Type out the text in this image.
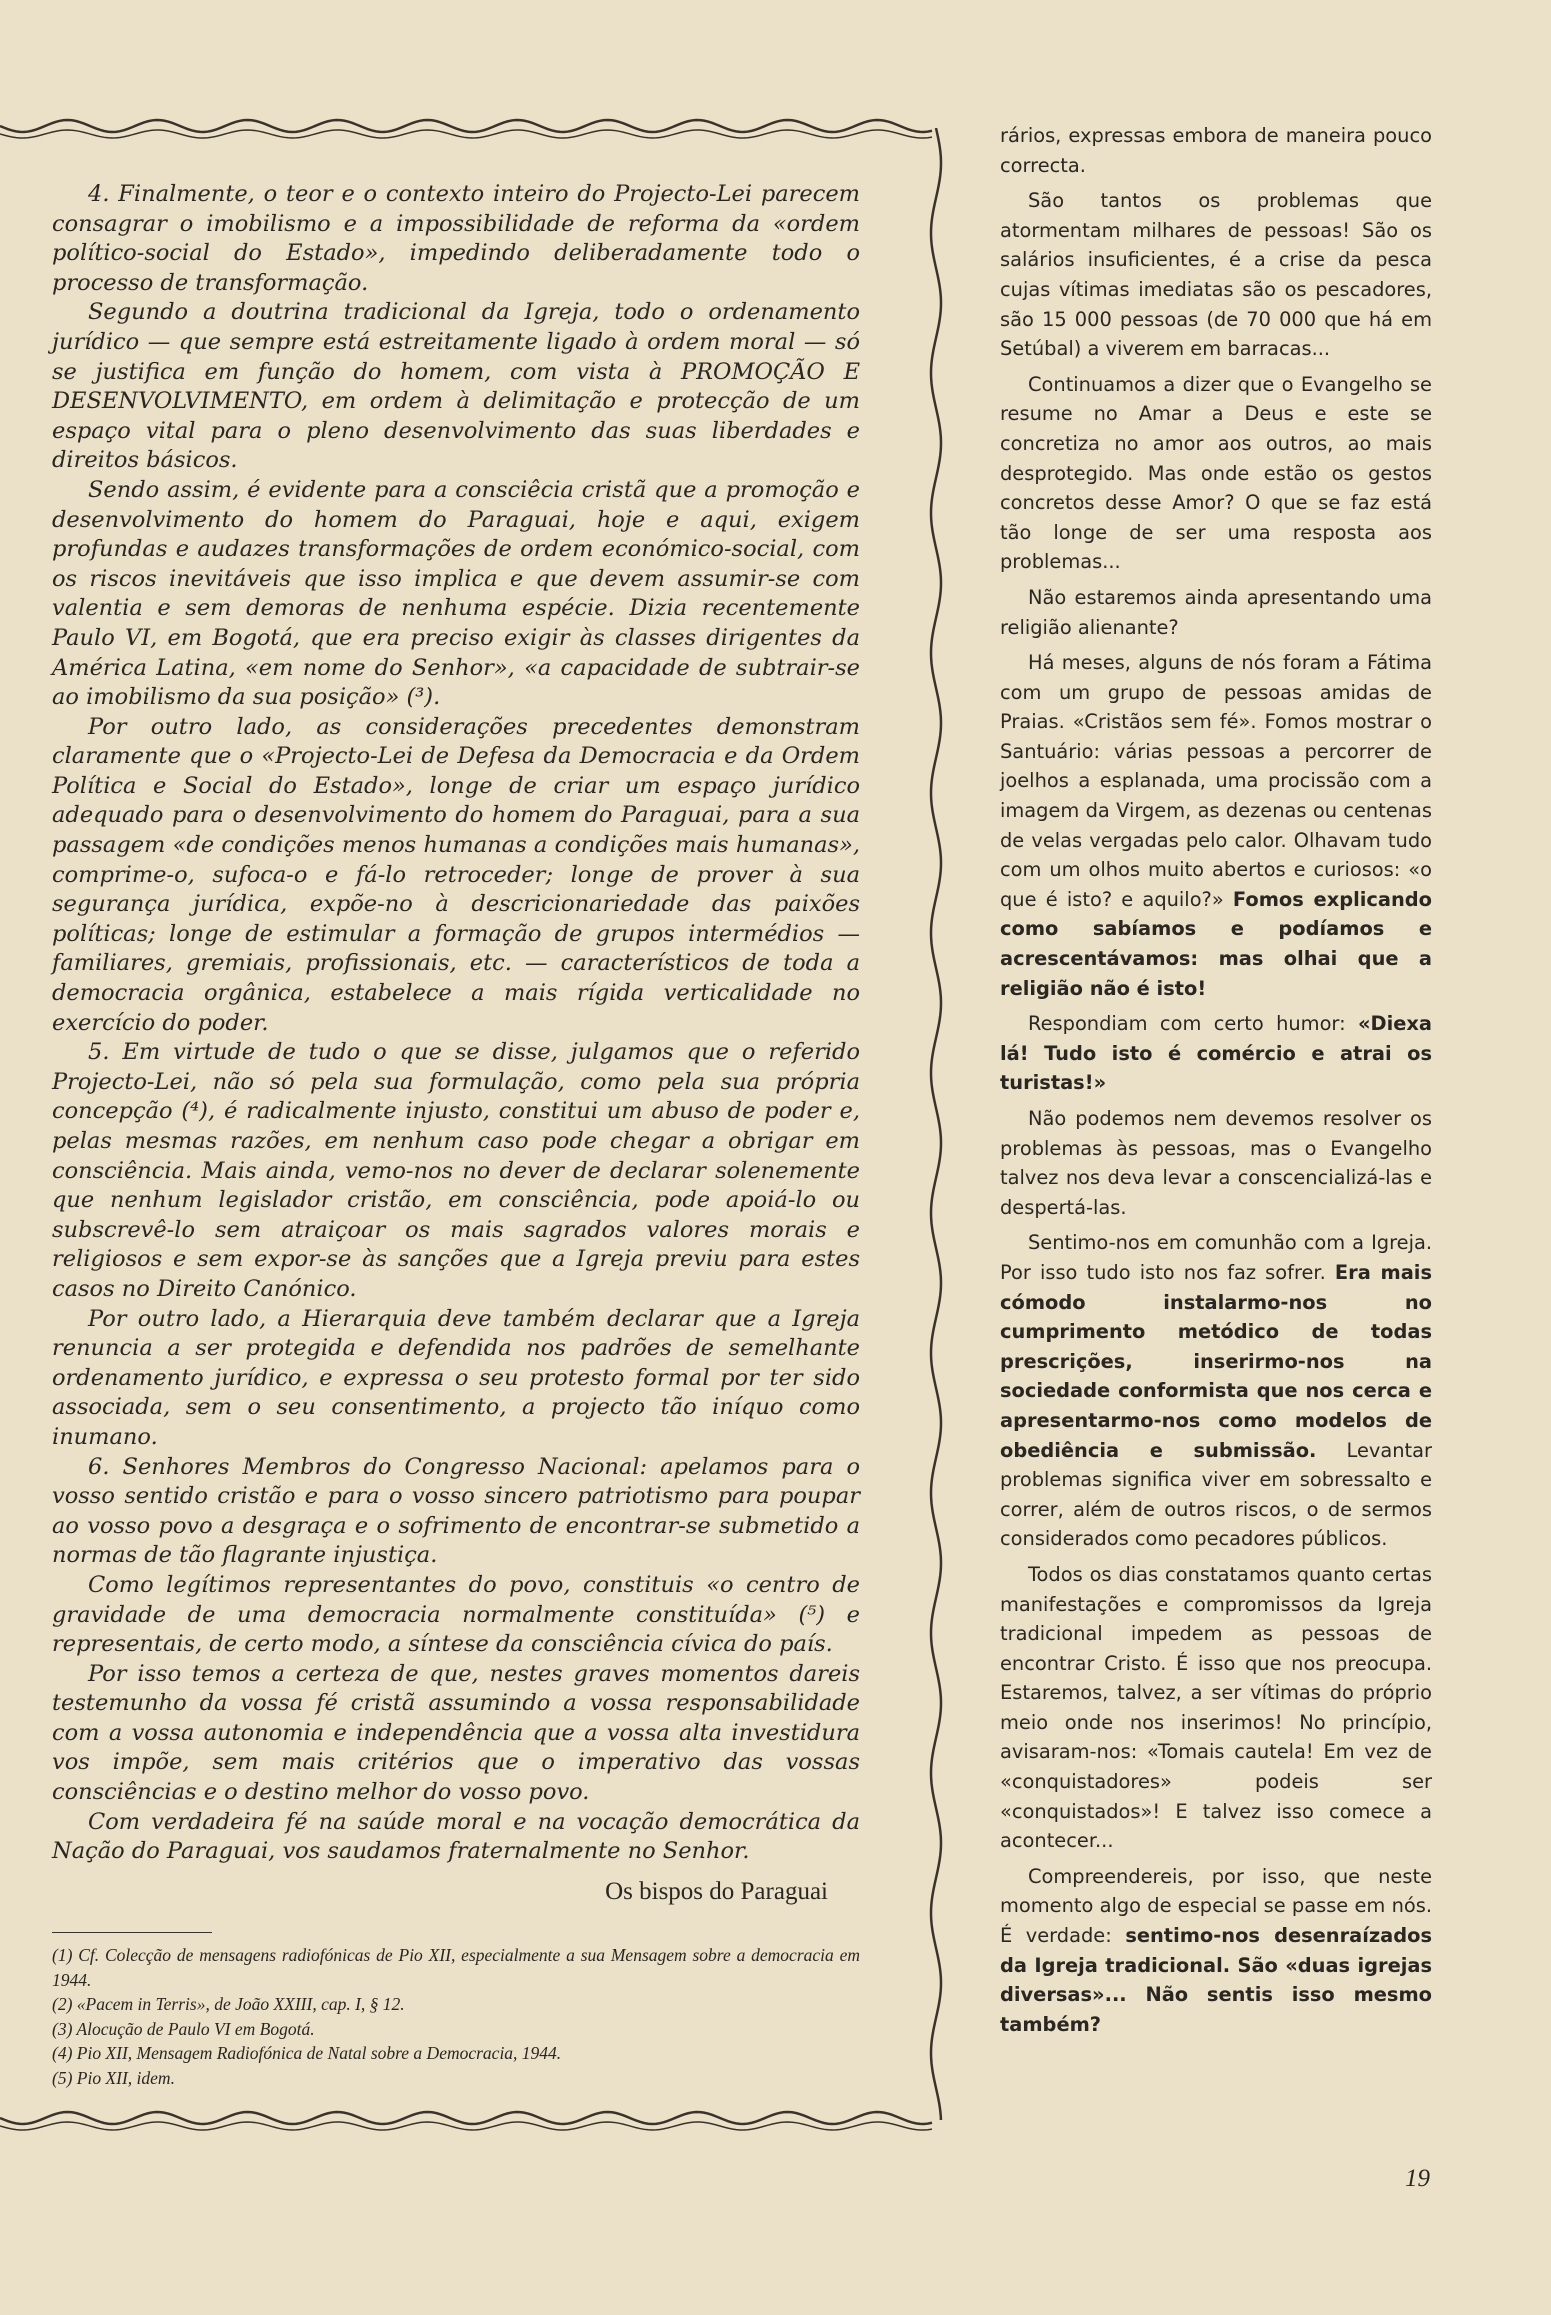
4. Finalmente, o teor e o contexto inteiro do Projecto-Lei parecem consagrar o imobilismo e a impossibilidade de reforma da «ordem político-social do Estado», impedindo deliberadamente todo o processo de transformação.

Segundo a doutrina tradicional da Igreja, todo o ordenamento jurídico — que sempre está estreitamente ligado à ordem moral — só se justifica em função do homem, com vista à PROMOÇÃO E DESENVOLVIMENTO, em ordem à delimitação e protecção de um espaço vital para o pleno desenvolvimento das suas liberdades e direitos básicos.

Sendo assim, é evidente para a consciêcia cristã que a promoção e desenvolvimento do homem do Paraguai, hoje e aqui, exigem profundas e audazes transformações de ordem económico-social, com os riscos inevitáveis que isso implica e que devem assumir-se com valentia e sem demoras de nenhuma espécie. Dizia recentemente Paulo VI, em Bogotá, que era preciso exigir às classes dirigentes da América Latina, «em nome do Senhor», «a capacidade de subtrair-se ao imobilismo da sua posição» (³).

Por outro lado, as considerações precedentes demonstram claramente que o «Projecto-Lei de Defesa da Democracia e da Ordem Política e Social do Estado», longe de criar um espaço jurídico adequado para o desenvolvimento do homem do Paraguai, para a sua passagem «de condições menos humanas a condições mais humanas», comprime-o, sufoca-o e fá-lo retroceder; longe de prover à sua segurança jurídica, expõe-no à descricionariedade das paixões políticas; longe de estimular a formação de grupos intermédios — familiares, gremiais, profissionais, etc. — característicos de toda a democracia orgânica, estabelece a mais rígida verticalidade no exercício do poder.

5. Em virtude de tudo o que se disse, julgamos que o referido Projecto-Lei, não só pela sua formulação, como pela sua própria concepção (⁴), é radicalmente injusto, constitui um abuso de poder e, pelas mesmas razões, em nenhum caso pode chegar a obrigar em consciência. Mais ainda, vemo-nos no dever de declarar solenemente que nenhum legislador cristão, em consciência, pode apoiá-lo ou subscrevê-lo sem atraiçoar os mais sagrados valores morais e religiosos e sem expor-se às sanções que a Igreja previu para estes casos no Direito Canónico.

Por outro lado, a Hierarquia deve também declarar que a Igreja renuncia a ser protegida e defendida nos padrões de semelhante ordenamento jurídico, e expressa o seu protesto formal por ter sido associada, sem o seu consentimento, a projecto tão iníquo como inumano.

6. Senhores Membros do Congresso Nacional: apelamos para o vosso sentido cristão e para o vosso sincero patriotismo para poupar ao vosso povo a desgraça e o sofrimento de encontrar-se submetido a normas de tão flagrante injustiça.

Como legítimos representantes do povo, constituis «o centro de gravidade de uma democracia normalmente constituída» (⁵) e representais, de certo modo, a síntese da consciência cívica do país.

Por isso temos a certeza de que, nestes graves momentos dareis testemunho da vossa fé cristã assumindo a vossa responsabilidade com a vossa autonomia e independência que a vossa alta investidura vos impõe, sem mais critérios que o imperativo das vossas consciências e o destino melhor do vosso povo.

Com verdadeira fé na saúde moral e na vocação democrática da Nação do Paraguai, vos saudamos fraternalmente no Senhor.

Os bispos do Paraguai
(1) Cf. Colecção de mensagens radiofónicas de Pio XII, especialmente a sua Mensagem sobre a democracia em 1944.
(2) «Pacem in Terris», de João XXIII, cap. I, § 12.
(3) Alocução de Paulo VI em Bogotá.
(4) Pio XII, Mensagem Radiofónica de Natal sobre a Democracia, 1944.
(5) Pio XII, idem.

rários, expressas embora de maneira pouco correcta.

São tantos os problemas que atormentam milhares de pessoas! São os salários insuficientes, é a crise da pesca cujas vítimas imediatas são os pescadores, são 15 000 pessoas (de 70 000 que há em Setúbal) a viverem em barracas...

Continuamos a dizer que o Evangelho se resume no Amar a Deus e este se concretiza no amor aos outros, ao mais desprotegido. Mas onde estão os gestos concretos desse Amor? O que se faz está tão longe de ser uma resposta aos problemas...

Não estaremos ainda apresentando uma religião alienante?

Há meses, alguns de nós foram a Fátima com um grupo de pessoas amidas de Praias. «Cristãos sem fé». Fomos mostrar o Santuário: várias pessoas a percorrer de joelhos a esplanada, uma procissão com a imagem da Virgem, as dezenas ou centenas de velas vergadas pelo calor. Olhavam tudo com um olhos muito abertos e curiosos: «o que é isto? e aquilo?» Fomos explicando como sabíamos e podíamos e acrescentávamos: mas olhai que a religião não é isto!

Respondiam com certo humor: «Diexa lá! Tudo isto é comércio e atrai os turistas!»

Não podemos nem devemos resolver os problemas às pessoas, mas o Evangelho talvez nos deva levar a conscencializá-las e despertá-las.

Sentimo-nos em comunhão com a Igreja. Por isso tudo isto nos faz sofrer. Era mais cómodo instalarmo-nos no cumprimento metódico de todas prescrições, inserirmo-nos na sociedade conformista que nos cerca e apresentarmo-nos como modelos de obediência e submissão. Levantar problemas significa viver em sobressalto e correr, além de outros riscos, o de sermos considerados como pecadores públicos.

Todos os dias constatamos quanto certas manifestações e compromissos da Igreja tradicional impedem as pessoas de encontrar Cristo. É isso que nos preocupa. Estaremos, talvez, a ser vítimas do próprio meio onde nos inserimos! No princípio, avisaram-nos: «Tomais cautela! Em vez de «conquistadores» podeis ser «conquistados»! E talvez isso comece a acontecer...

Compreendereis, por isso, que neste momento algo de especial se passe em nós. É verdade: sentimo-nos desenraízados da Igreja tradicional. São «duas igrejas diversas»... Não sentis isso mesmo também?

19
